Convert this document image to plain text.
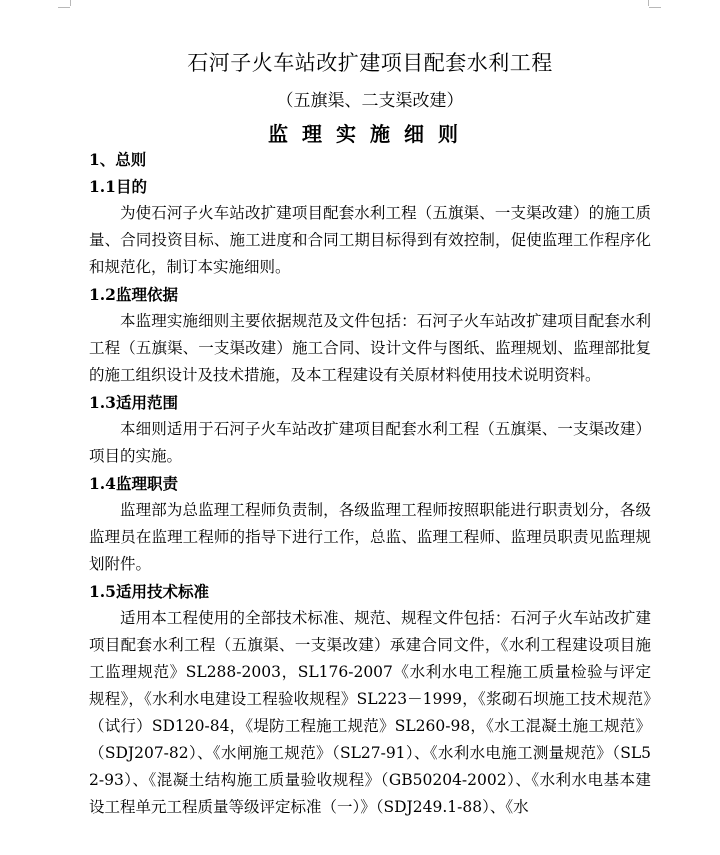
石河子火车站改扩建项目配套水利工程
（五旗渠、二支渠改建）
监理实施细则

1、总则

1.1目的

为使石河子火车站改扩建项目配套水利工程（五旗渠、一支渠改建）的施工质量、合同投资目标、施工进度和合同工期目标得到有效控制，促使监理工作程序化和规范化，制订本实施细则。

1.2监理依据

本监理实施细则主要依据规范及文件包括：石河子火车站改扩建项目配套水利工程（五旗渠、一支渠改建）施工合同、设计文件与图纸、监理规划、监理部批复的施工组织设计及技术措施，及本工程建设有关原材料使用技术说明资料。

1.3适用范围

本细则适用于石河子火车站改扩建项目配套水利工程（五旗渠、一支渠改建）项目的实施。

1.4监理职责

监理部为总监理工程师负责制，各级监理工程师按照职能进行职责划分，各级监理员在监理工程师的指导下进行工作，总监、监理工程师、监理员职责见监理规划附件。

1.5适用技术标准

适用本工程使用的全部技术标准、规范、规程文件包括：石河子火车站改扩建项目配套水利工程（五旗渠、一支渠改建）承建合同文件，《水利工程建设项目施工监理规范》SL288-2003，SL176-2007《水利水电工程施工质量检验与评定规程》，《水利水电建设工程验收规程》SL223－1999，《浆砌石坝施工技术规范》（试行）SD120-84，《堤防工程施工规范》SL260-98，《水工混凝土施工规范》（SDJ207-82）、《水闸施工规范》（SL27-91）、《水利水电施工测量规范》（SL52-93）、《混凝土结构施工质量验收规程》（GB50204-2002）、《水利水电基本建设工程单元工程质量等级评定标准（一）》（SDJ249.1-88）、《水
